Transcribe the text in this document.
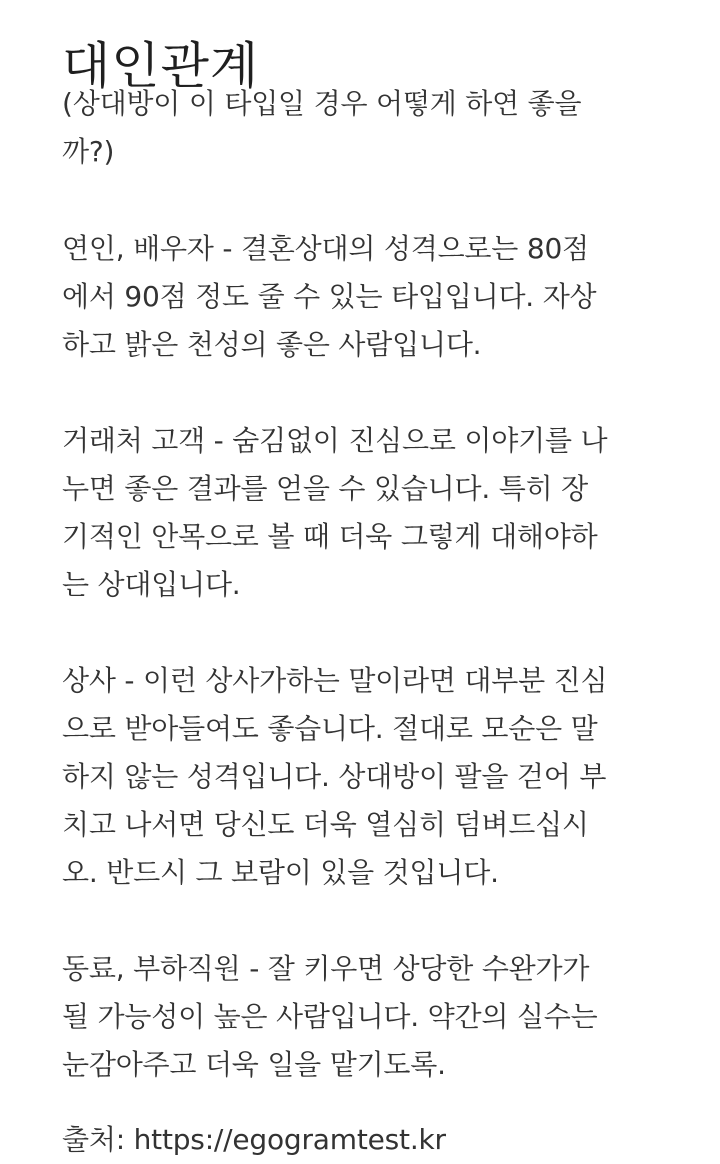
대인관계
(상대방이 이 타입일 경우 어떻게 하연 좋을
까?)
연인, 배우자 - 결혼상대의 성격으로는 80점
에서 90점 정도 줄 수 있는 타입입니다. 자상
하고 밝은 천성의 좋은 사람입니다.
거래처 고객 - 숨김없이 진심으로 이야기를 나
누면 좋은 결과를 얻을 수 있습니다. 특히 장
기적인 안목으로 볼 때 더욱 그렇게 대해야하
는 상대입니다.
상사 - 이런 상사가하는 말이라면 대부분 진심
으로 받아들여도 좋습니다. 절대로 모순은 말
하지 않는 성격입니다. 상대방이 팔을 걷어 부
치고 나서면 당신도 더욱 열심히 덤벼드십시
오. 반드시 그 보람이 있을 것입니다.
동료, 부하직원 - 잘 키우면 상당한 수완가가
될 가능성이 높은 사람입니다. 약간의 실수는
눈감아주고 더욱 일을 맡기도록.
출처: https://egogramtest.kr
